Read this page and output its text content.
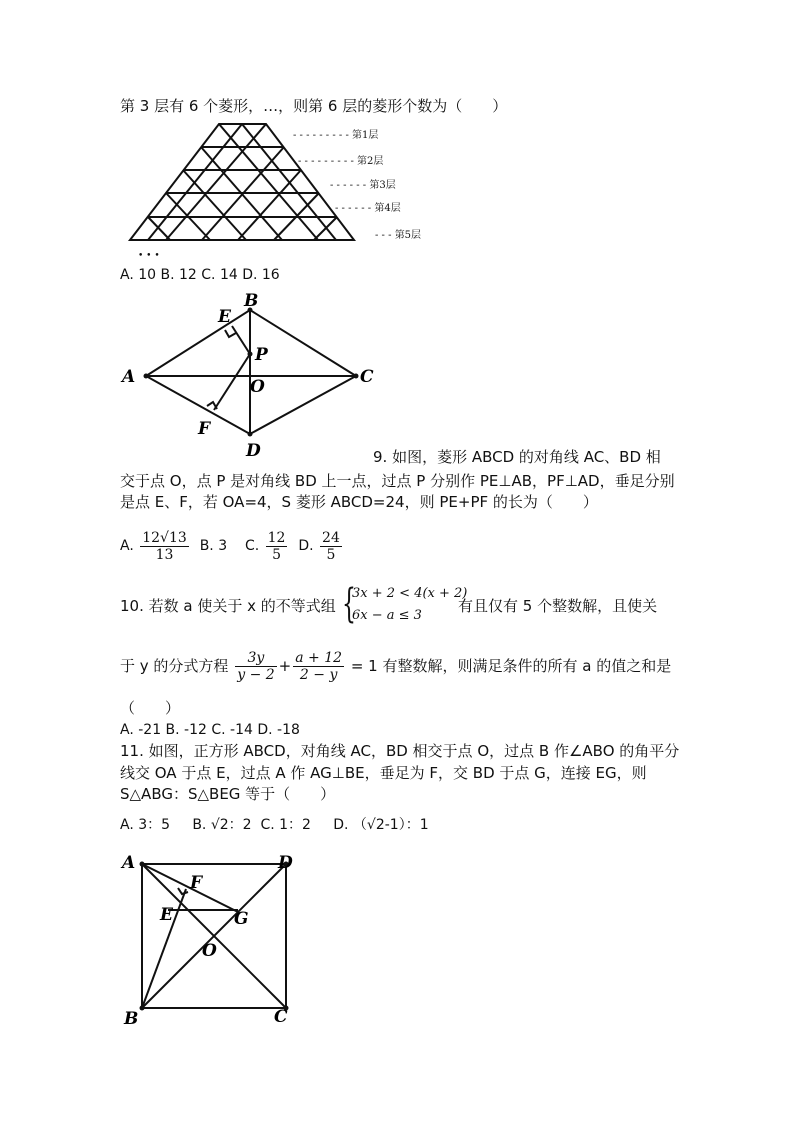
第 3 层有 6 个菱形，…，则第 6 层的菱形个数为（　　）
- - - - - - - - - 第1层
- - - - - - - - - 第2层
- - - - - - 第3层
- - - - - - 第4层
- - - 第5层
• • •
A. 10 B. 12 C. 14 D. 16
B
A	C
D
E
F
P
O
9. 如图，菱形 ABCD 的对角线 AC、BD 相
交于点 O，点 P 是对角线 BD 上一点，过点 P 分别作 PE⊥AB，PF⊥AD，垂足分别
是点 E、F，若 OA=4，S 菱形 ABCD=24，则 PE+PF 的长为（　　）
A. $\frac{12√13}{13} B$. 3 C. $\frac{12}{5} D$. $\frac{24}{5}$
10. 若数 a 使关于 x 的不等式组 {
3x + 2 < 4(x + 2)
6x − a ≤ 3
有且仅有 5 个整数解，且使关
于 y 的分式方程 $\frac{3y}{y - 2} + \frac{a + 12}{2 - y} = 1$ 有整数解，则满足条件的所有 a 的值之和是
（　　）
A. -21 B. -12 C. -14 D. -18
11. 如图，正方形 ABCD，对角线 AC，BD 相交于点 O，过点 B 作∠ABO 的角平分
线交 OA 于点 E，过点 A 作 AG⊥BE，垂足为 F，交 BD 于点 G，连接 EG，则
S△ABG：S△BEG 等于（　　）
A. 3：5 B. √2：2 C. 1：2 D. （√2-1）：1
A	D
B	C
F
E	G
O
